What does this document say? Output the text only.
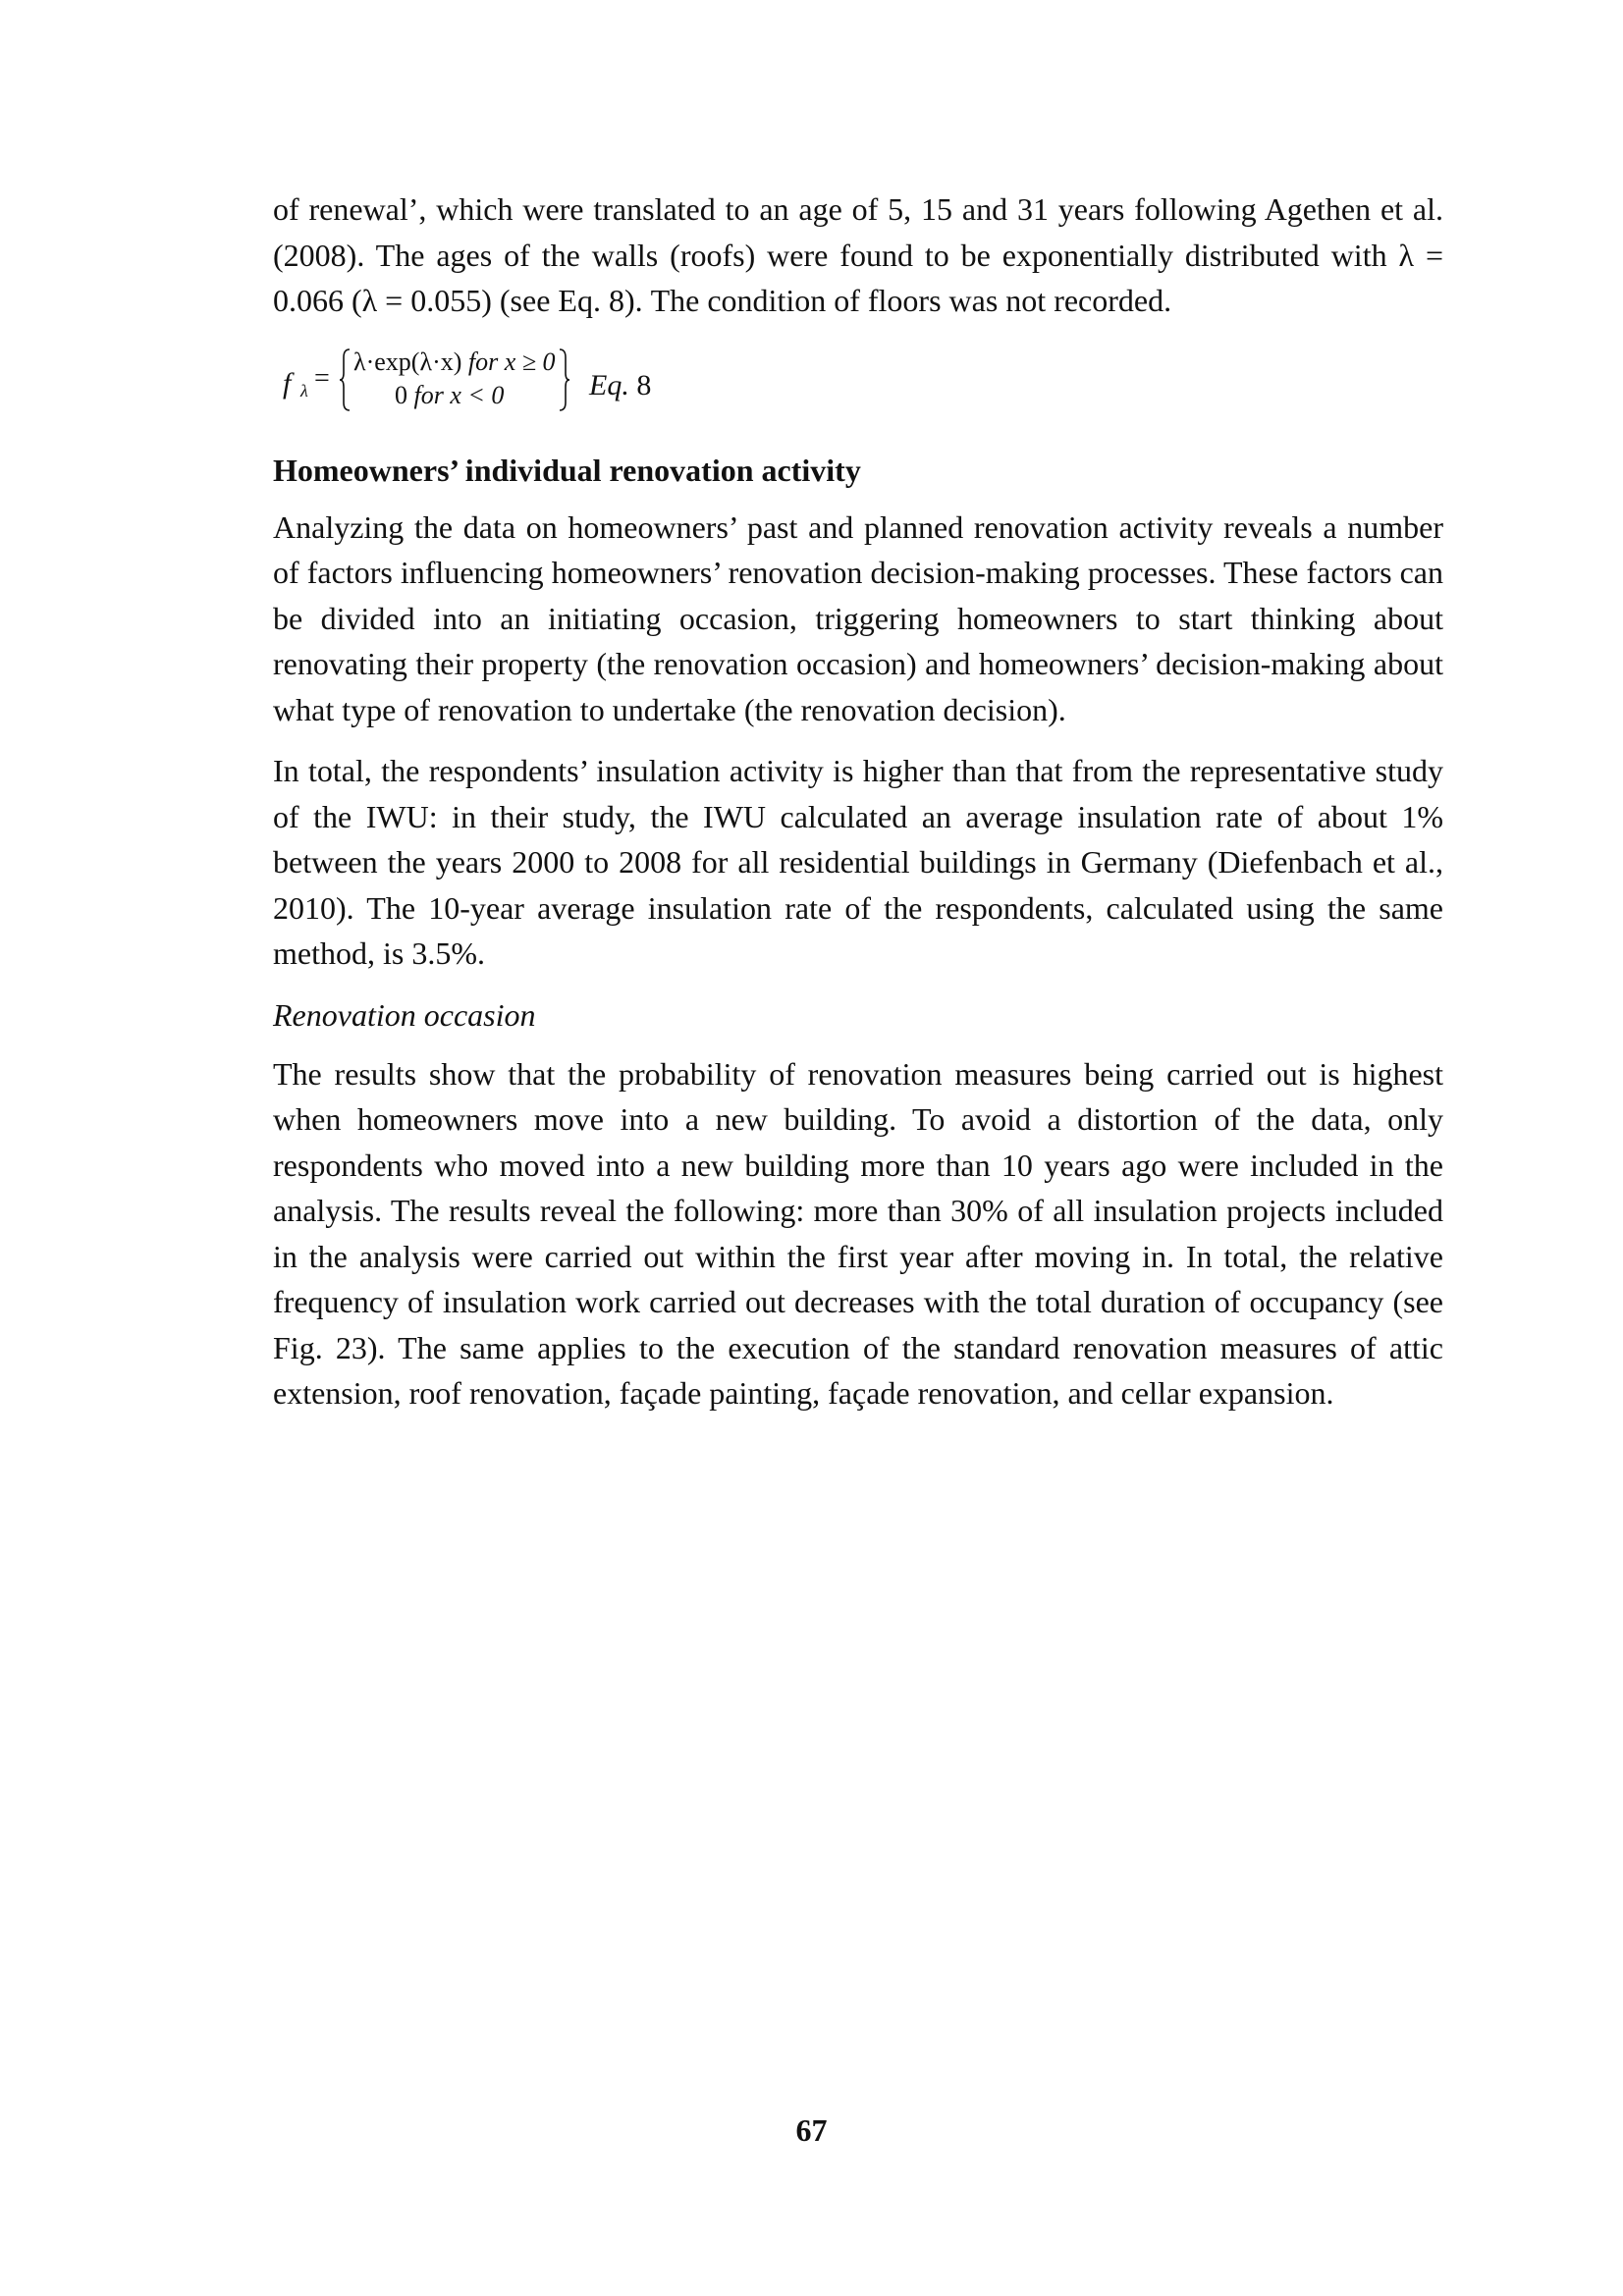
of renewal’, which were translated to an age of 5, 15 and 31 years following Agethen et al. (2008). The ages of the walls (roofs) were found to be exponentially distributed with λ = 0.066 (λ = 0.055) (see Eq. 8). The condition of floors was not recorded.

f λ =
λ·exp(λ·x) for x ≥ 0
0 for x < 0	Eq. 8
Homeowners’ individual renovation activity

Analyzing the data on homeowners’ past and planned renovation activity reveals a number of factors influencing homeowners’ renovation decision-making processes. These factors can be divided into an initiating occasion, triggering homeowners to start thinking about renovating their property (the renovation occasion) and homeowners’ decision-making about what type of renovation to undertake (the renovation decision).

In total, the respondents’ insulation activity is higher than that from the representative study of the IWU: in their study, the IWU calculated an average insulation rate of about 1% between the years 2000 to 2008 for all residential buildings in Germany (Diefenbach et al., 2010). The 10-year average insulation rate of the respondents, calculated using the same method, is 3.5%.

Renovation occasion

The results show that the probability of renovation measures being carried out is highest when homeowners move into a new building. To avoid a distortion of the data, only respondents who moved into a new building more than 10 years ago were included in the analysis. The results reveal the following: more than 30% of all insulation projects included in the analysis were carried out within the first year after moving in. In total, the relative frequency of insulation work carried out decreases with the total duration of occupancy (see Fig. 23). The same applies to the execution of the standard renovation measures of attic extension, roof renovation, façade painting, façade renovation, and cellar expansion.

67
